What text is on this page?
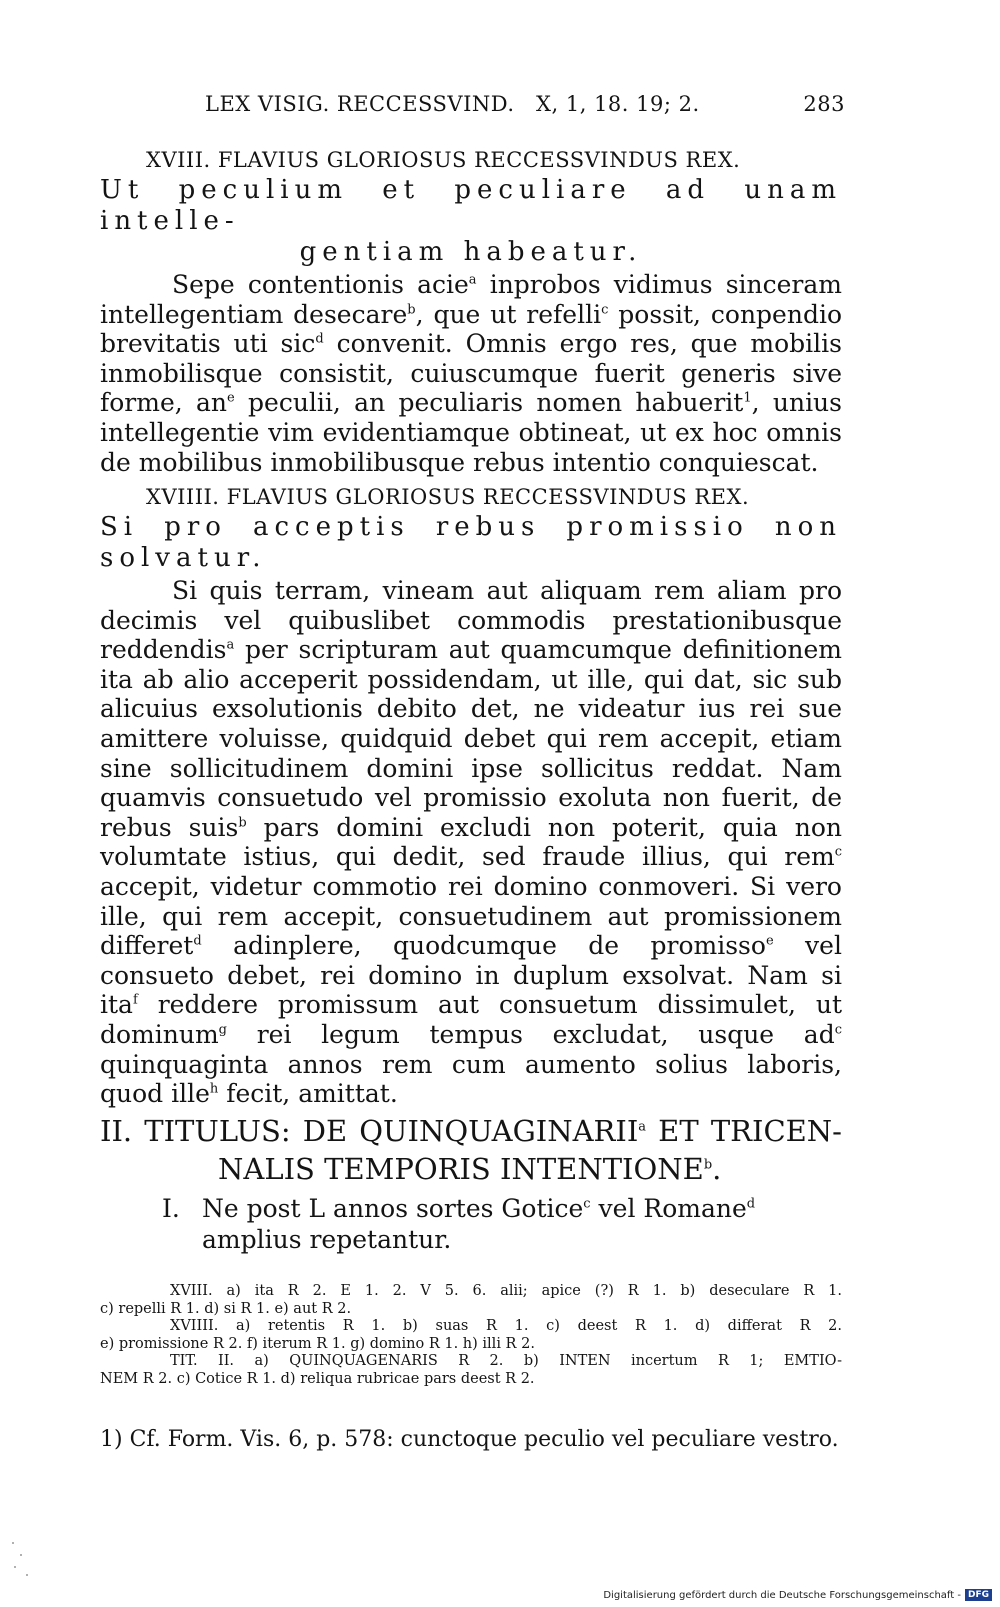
LEX VISIG. RECCESSVIND.   X, 1, 18. 19; 2.	283
XVIII. FLAVIUS GLORIOSUS RECCESSVINDUS REX.
Ut peculium et peculiare ad unam intelle-
gentiam habeatur.

Sepe contentionis acie$^a$ inprobos vidimus sinceram intellegentiam desecare$^b$, que ut refelli$^c$ possit, conpendio brevitatis uti sic$^d$ convenit. Omnis ergo res, que mobilis inmobilisque consistit, cuiuscumque fuerit generis sive forme, $an^e$ peculii, an peculiaris nomen habuerit$^1$, unius intellegentie vim evidentiamque obtineat, ut ex hoc omnis de mobilibus inmobilibusque rebus intentio conquiescat.

XVIIII. FLAVIUS GLORIOSUS RECCESSVINDUS REX.
Si pro acceptis rebus promissio non solvatur.

Si quis terram, vineam aut aliquam rem aliam pro decimis vel quibuslibet commodis prestationibusque reddendis$^a$ per scripturam aut quamcumque definitionem ita ab alio acceperit possidendam, ut ille, qui dat, sic sub alicuius exsolutionis debito det, ne videatur ius rei sue amittere voluisse, quidquid debet qui rem accepit, etiam sine sollicitudinem domini ipse sollicitus reddat. Nam quamvis consuetudo vel promissio exoluta non fuerit, de rebus suis$^b$ pars domini excludi non poterit, quia non volumtate istius, qui dedit, sed fraude illius, qui rem$^c$ accepit, videtur commotio rei domino conmoveri. Si vero ille, qui rem accepit, consuetudinem aut promissionem differet$^d$ adinplere, quodcumque de promisso$^e$ vel consueto debet, rei domino in duplum exsolvat. Nam si ita$^f$ reddere promissum aut consuetum dissimulet, ut dominum$^g$ rei legum tempus excludat, usque $ad^c$ quinquaginta annos rem cum aumento solius laboris, quod ille$^h$ fecit, amittat.

II. TITULUS: DE QUINQUAGINARII$^a$ ET TRICEN-
NALIS TEMPORIS INTENTIONE$^b$.
I. Ne post L annos sortes Gotice$^c$ vel Romane$^d$
amplius repetantur.
XVIII. a) ita R 2. E 1. 2. V 5. 6. alii; apice (?) R 1. b) deseculare R 1.
c) repelli R 1. d) si R 1. e) aut R 2.
XVIIII. a) retentis R 1. b) suas R 1. c) deest R 1. d) differat R 2.
e) promissione R 2. f) iterum R 1. g) domino R 1. h) illi R 2.
TIT. II. a) QUINQUAGENARIS R 2. b) INTEN incertum R 1; EMTIO-
NEM R 2. c) Cotice R 1. d) reliqua rubricae pars deest R 2.
1) Cf. Form. Vis. 6, p. 578: cunctoque peculio vel peculiare vestro.
Digitalisierung gefördert durch die Deutsche Forschungsgemeinschaft - DFG
